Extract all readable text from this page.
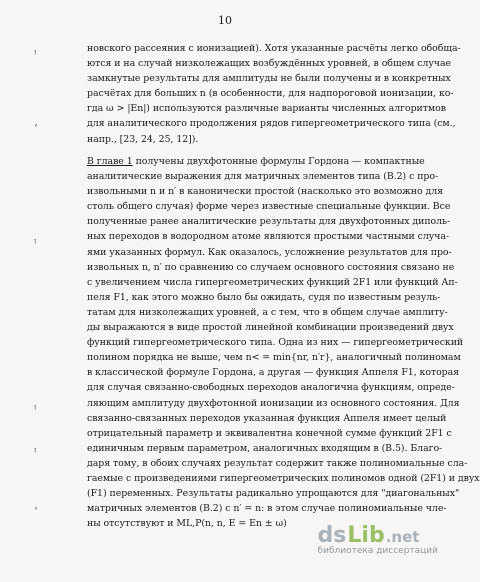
10
новского рассеяния с ионизацией). Хотя указанные расчёты легко обобща-
ются и на случай низколежащих возбуждённых уровней, в общем случае
замкнутые результаты для амплитуды не были получены и в конкретных
расчётах для больших n (в особенности, для надпороговой ионизации, ко-
гда ω > |En|) используются различные варианты численных алгоритмов
для аналитического продолжения рядов гипергеометрического типа (см.,
напр., [23, 24, 25, 12]).
В главе 1 получены двухфотонные формулы Гордона — компактные
аналитические выражения для матричных элементов типа (В.2) с про-
извольными n и n′ в канонически простой (насколько это возможно для
столь общего случая) форме через известные специальные функции. Все
полученные ранее аналитические результаты для двухфотонных диполь-
ных переходов в водородном атоме являются простыми частными случа-
ями указанных формул. Как оказалось, усложнение результатов для про-
извольных n, n′ по сравнению со случаем основного состояния связано не
с увеличением числа гипергеометрических функций 2F1 или функций Ап-
пеля F1, как этого можно было бы ожидать, судя по известным резуль-
татам для низколежащих уровней, а с тем, что в общем случае амплиту-
ды выражаются в виде простой линейной комбинации произведений двух
функций гипергеометрического типа. Одна из них — гипергеометрический
полином порядка не выше, чем n< = min{nr, n′r}, аналогичный полиномам
в классической формуле Гордона, а другая — функция Аппеля F1, которая
для случая связанно-свободных переходов аналогична функциям, опреде-
ляющим амплитуду двухфотонной ионизации из основного состояния. Для
связанно-связанных переходов указанная функция Аппеля имеет целый
отрицательный параметр и эквивалентна конечной сумме функций 2F1 с
единичным первым параметром, аналогичных входящим в (В.5). Благо-
даря тому, в обоих случаях результат содержит также полиномиальные сла-
гаемые с произведениями гипергеометрических полиномов одной (2F1) и двух
(F1) переменных. Результаты радикально упрощаются для "диагональных"
матричных элементов (В.2) с n′ = n: в этом случае полиномиальные чле-
ны отсутствуют и ML,P(n, n, E = En ± ω)
ᵎ
‘
ᵎ
ᵎ
ᵎ
‘
ds Lib .net
библиотека диссертаций
